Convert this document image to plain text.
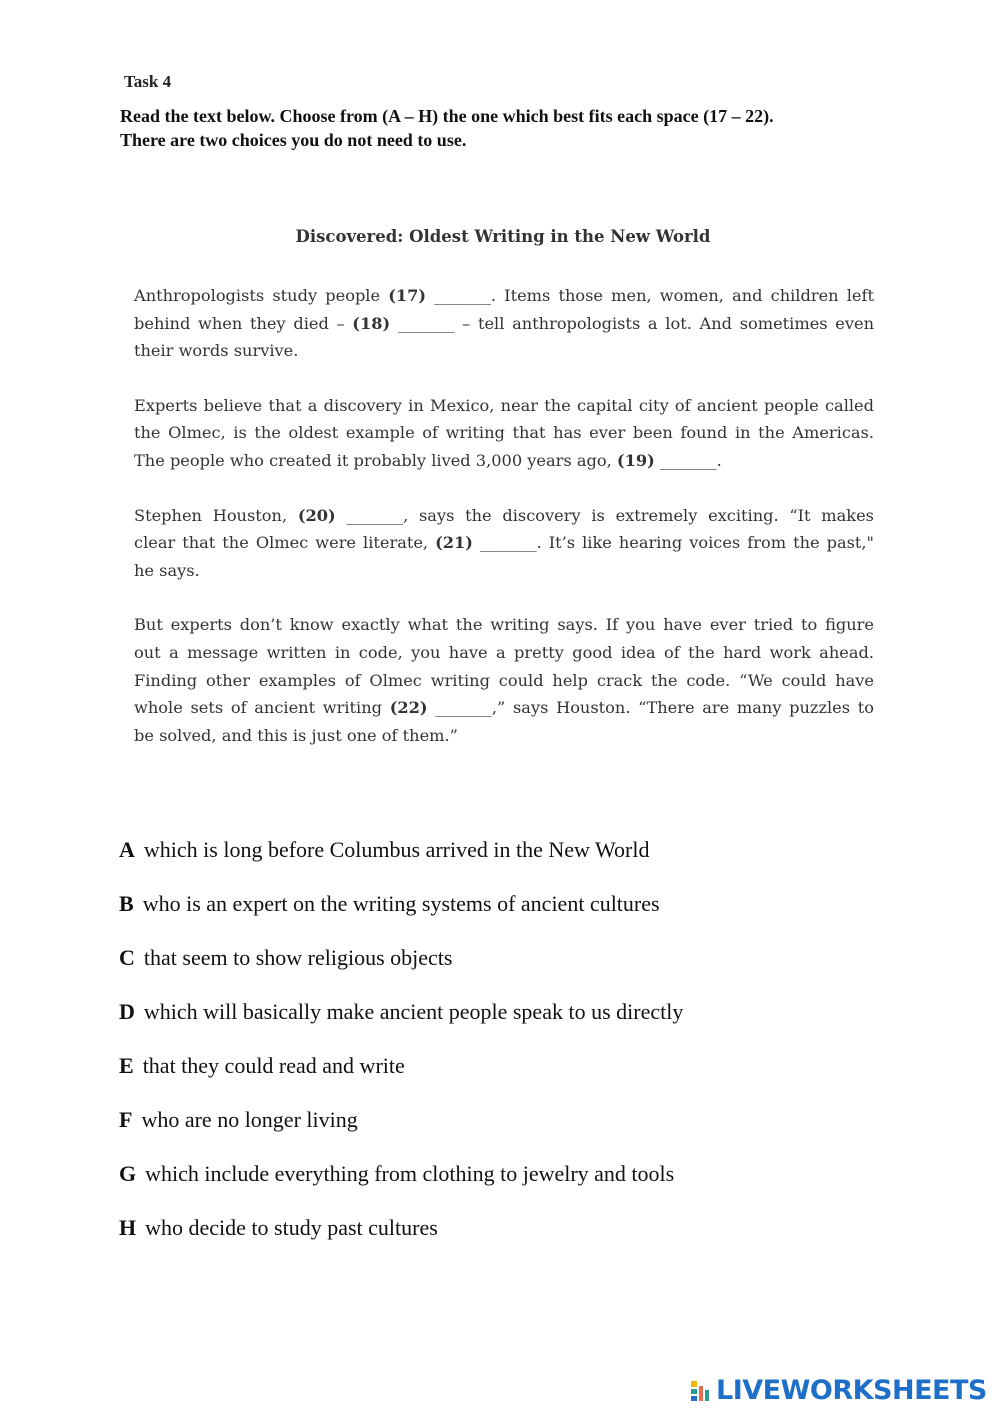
Task 4
Read the text below. Choose from (A – H) the one which best fits each space (17 – 22).
There are two choices you do not need to use.
Discovered: Oldest Writing in the New World
Anthropologists study people (17) _______. Items those men, women, and children left
behind when they died – (18) _______ – tell anthropologists a lot. And sometimes even
their words survive.
Experts believe that a discovery in Mexico, near the capital city of ancient people called
the Olmec, is the oldest example of writing that has ever been found in the Americas.
The people who created it probably lived 3,000 years ago, (19) _______.
Stephen Houston, (20) _______, says the discovery is extremely exciting. “It makes
clear that the Olmec were literate, (21) _______. It’s like hearing voices from the past,"
he says.
But experts don’t know exactly what the writing says. If you have ever tried to figure
out a message written in code, you have a pretty good idea of the hard work ahead.
Finding other examples of Olmec writing could help crack the code. “We could have
whole sets of ancient writing (22) _______,” says Houston. “There are many puzzles to
be solved, and this is just one of them.”
A which is long before Columbus arrived in the New World
B who is an expert on the writing systems of ancient cultures
C that seem to show religious objects
D which will basically make ancient people speak to us directly
E that they could read and write
F who are no longer living
G which include everything from clothing to jewelry and tools
H who decide to study past cultures
LIVEWORKSHEETS
